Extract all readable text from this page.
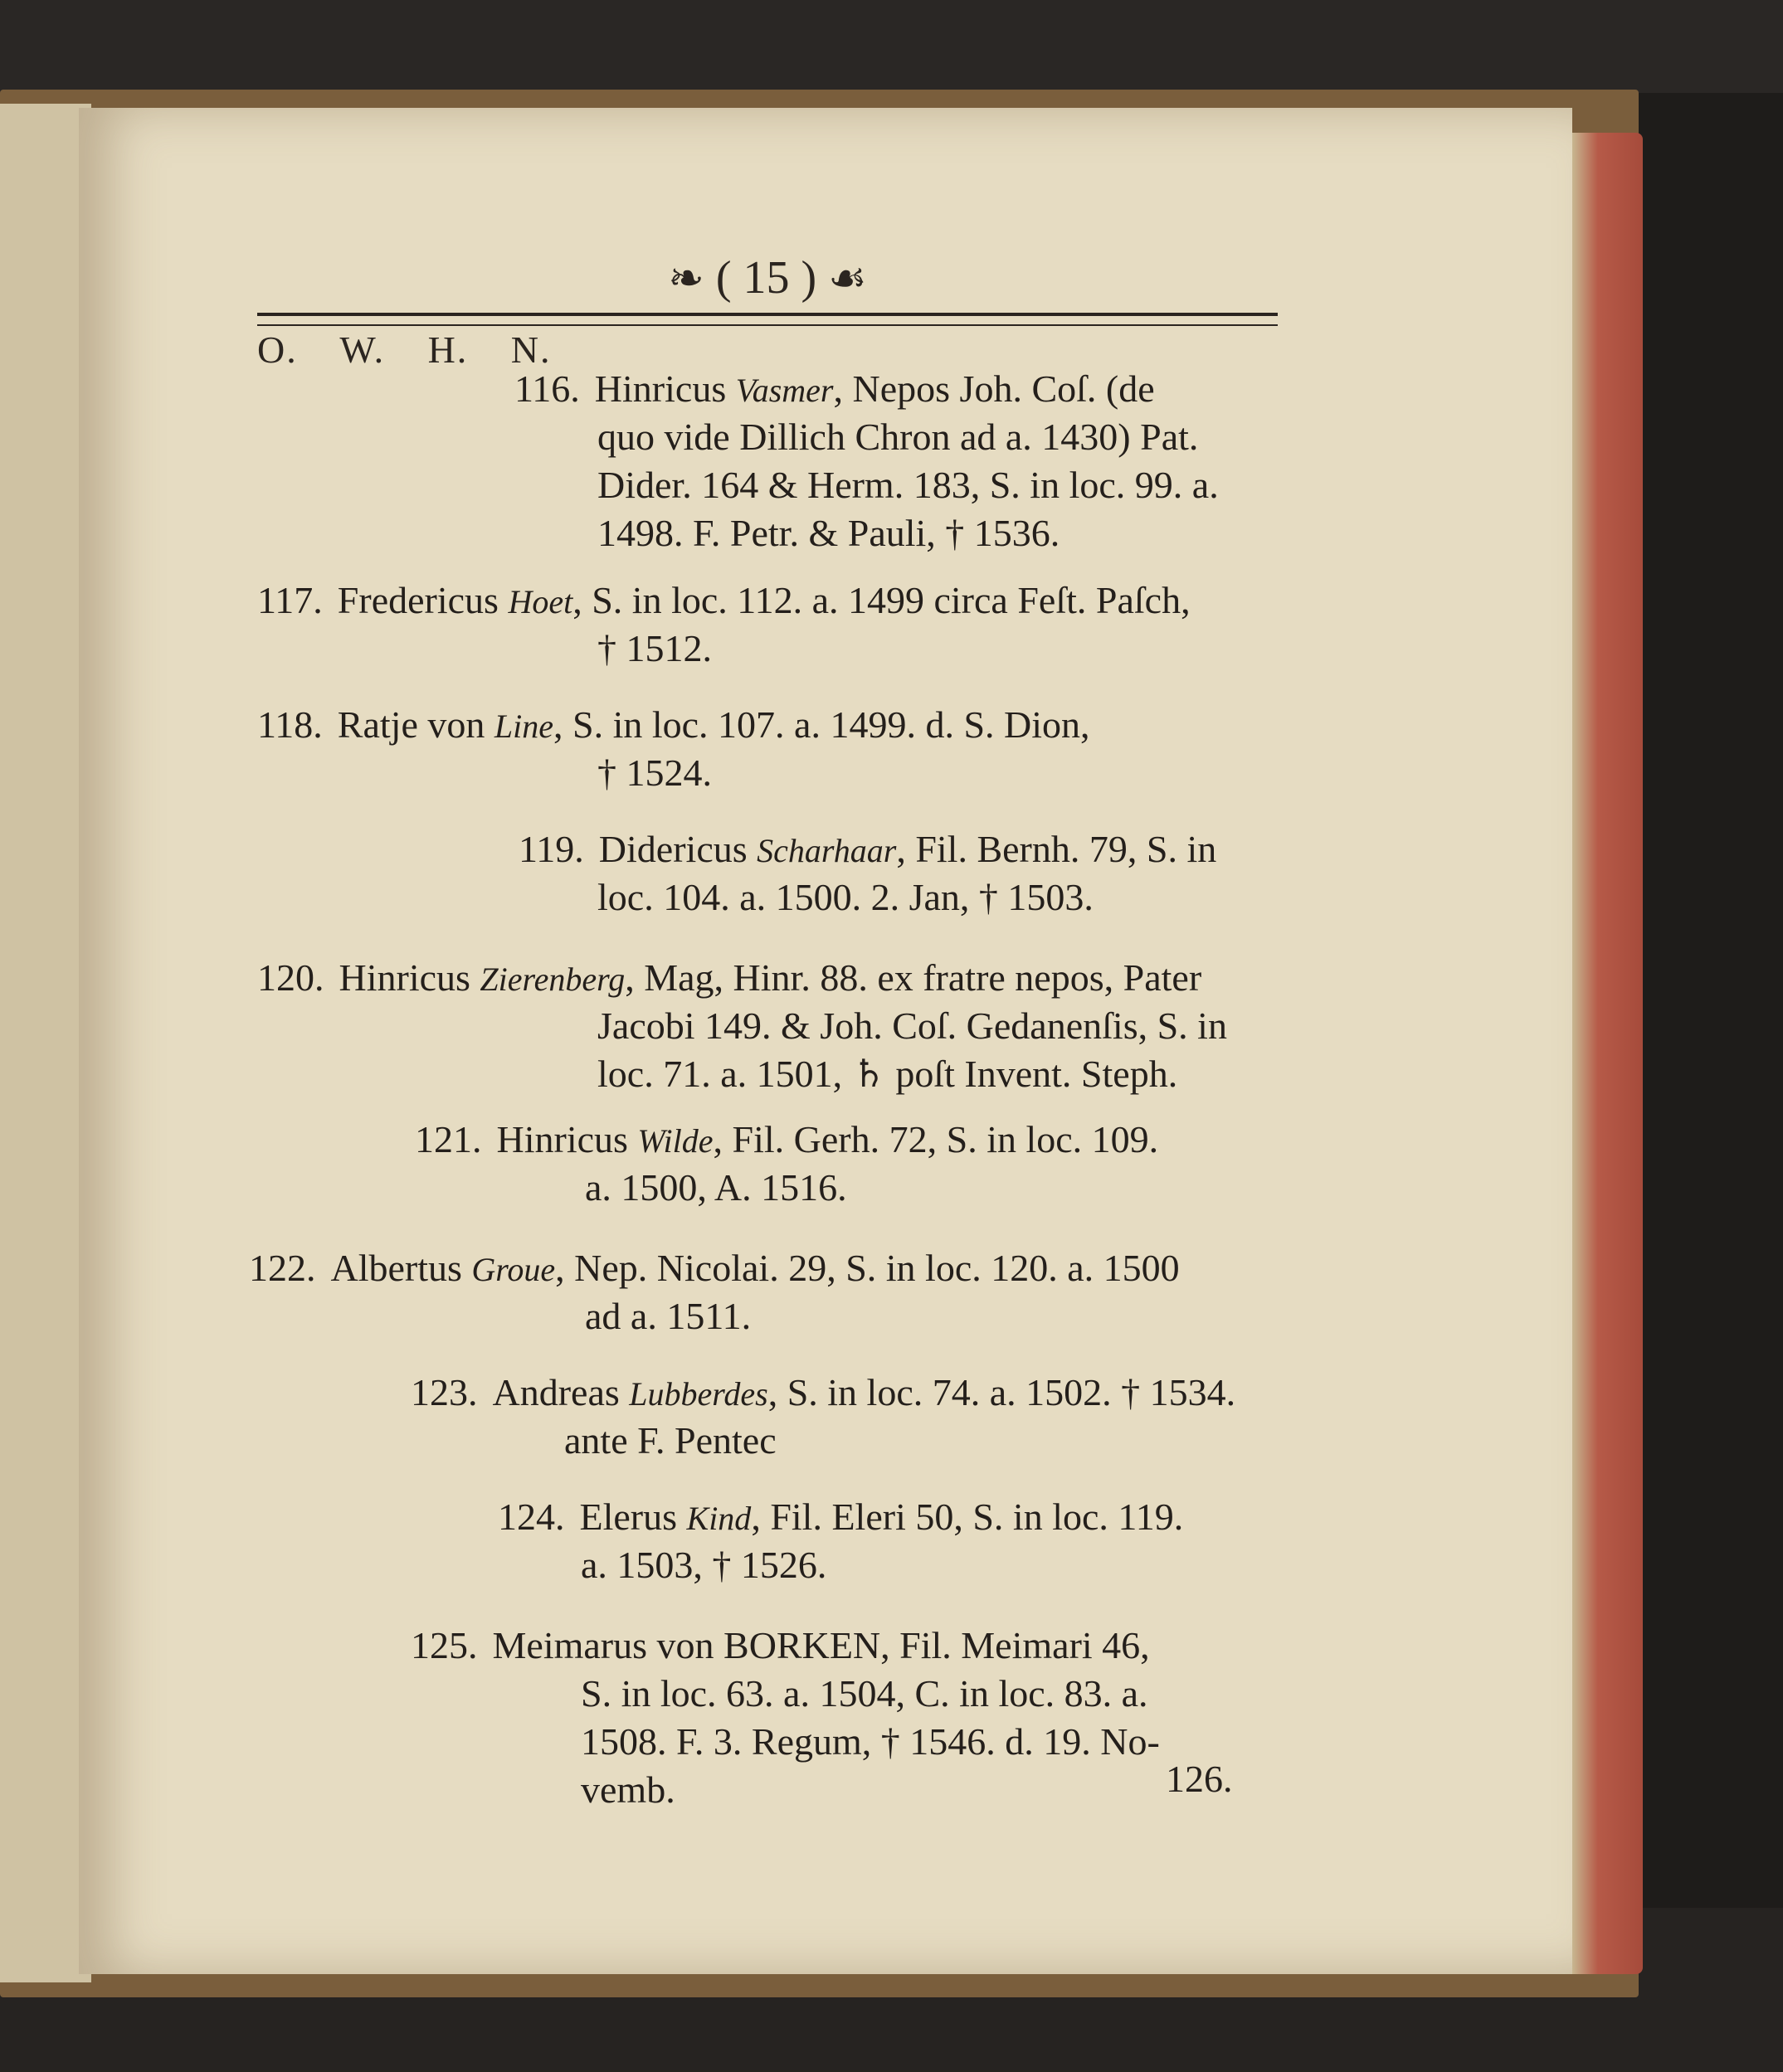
❧ ( 15 ) ☙
O. W. H. N.
116. Hinricus Vasmer, Nepos Joh. Coſ. (de
quo vide Dillich Chron ad a. 1430) Pat.
Dider. 164 & Herm. 183, S. in loc. 99. a.
1498. F. Petr. & Pauli, † 1536.
117. Fredericus Hoet, S. in loc. 112. a. 1499 circa Feſt. Paſch,
† 1512.
118. Ratje von Line, S. in loc. 107. a. 1499. d. S. Dion,
† 1524.
119. Didericus Scharhaar, Fil. Bernh. 79, S. in
loc. 104. a. 1500. 2. Jan, † 1503.
120. Hinricus Zierenberg, Mag, Hinr. 88. ex fratre nepos, Pater
Jacobi 149. & Joh. Coſ. Gedanenſis, S. in
loc. 71. a. 1501, ♄ poſt Invent. Steph.
121. Hinricus Wilde, Fil. Gerh. 72, S. in loc. 109.
a. 1500, A. 1516.
122. Albertus Groue, Nep. Nicolai. 29, S. in loc. 120. a. 1500
ad a. 1511.
123. Andreas Lubberdes, S. in loc. 74. a. 1502. † 1534.
ante F. Pentec
124. Elerus Kind, Fil. Eleri 50, S. in loc. 119.
a. 1503, † 1526.
125. Meimarus von BORKEN, Fil. Meimari 46,
S. in loc. 63. a. 1504, C. in loc. 83. a.
1508. F. 3. Regum, † 1546. d. 19. No-
vemb.	126.
